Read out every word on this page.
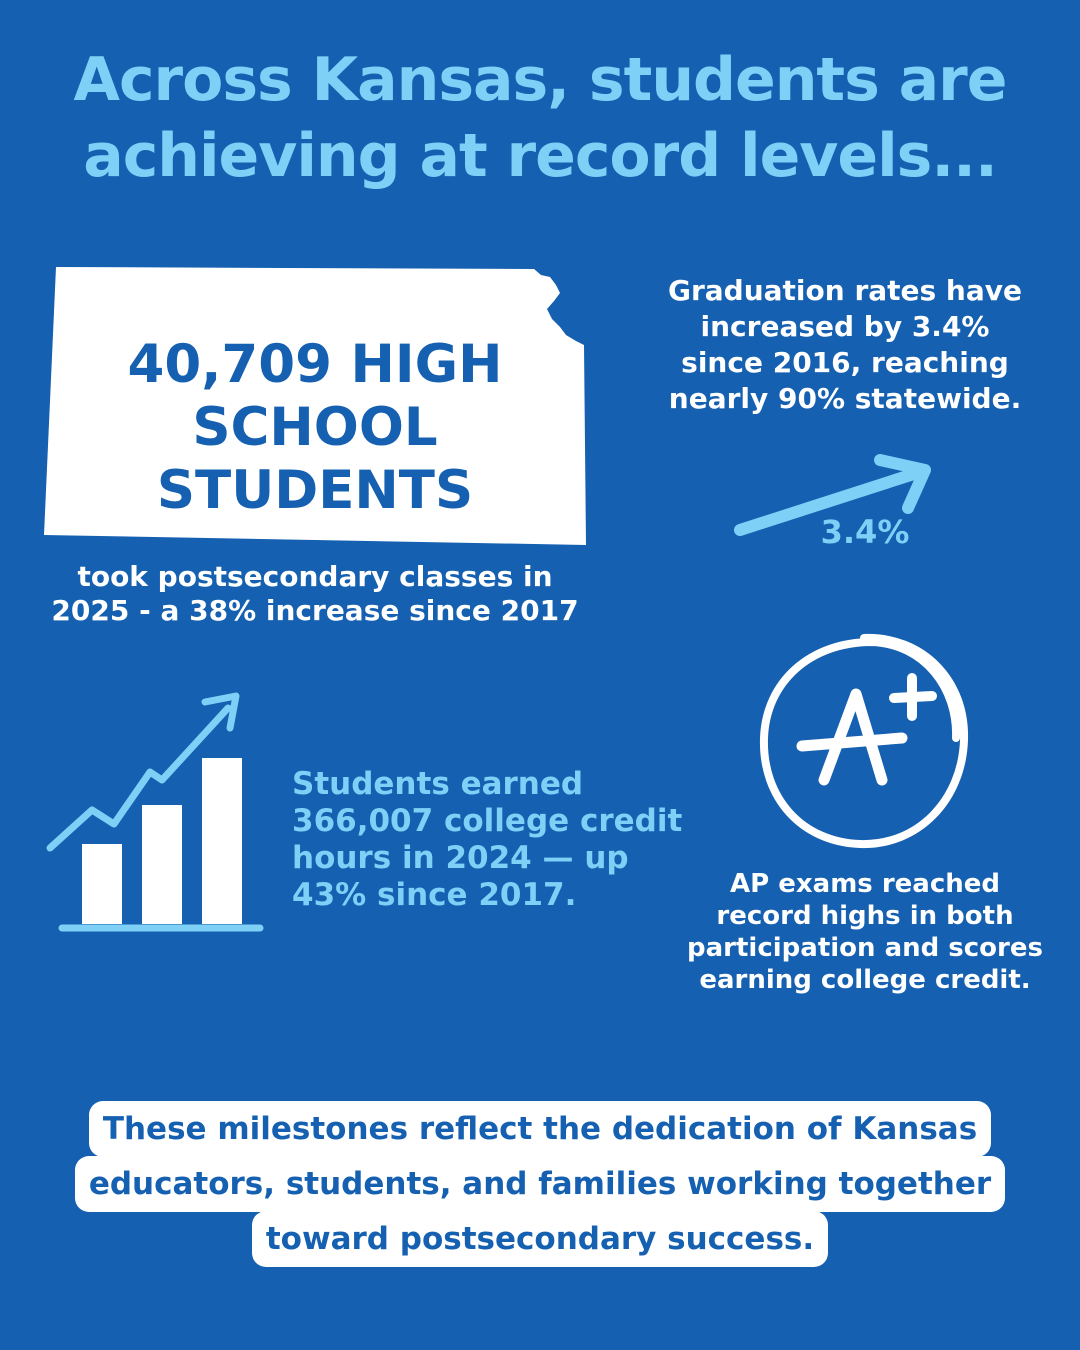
Across Kansas, students are
achieving at record levels...
40,709 HIGH
SCHOOL
STUDENTS
took postsecondary classes in
2025 - a 38% increase since 2017
Graduation rates have
increased by 3.4%
since 2016, reaching
nearly 90% statewide.
3.4%
Students earned
366,007 college credit
hours in 2024 — up
43% since 2017.	AP exams reached
record highs in both
participation and scores
earning college credit.
These milestones reflect the dedication of Kansas
educators, students, and families working together
toward postsecondary success.
